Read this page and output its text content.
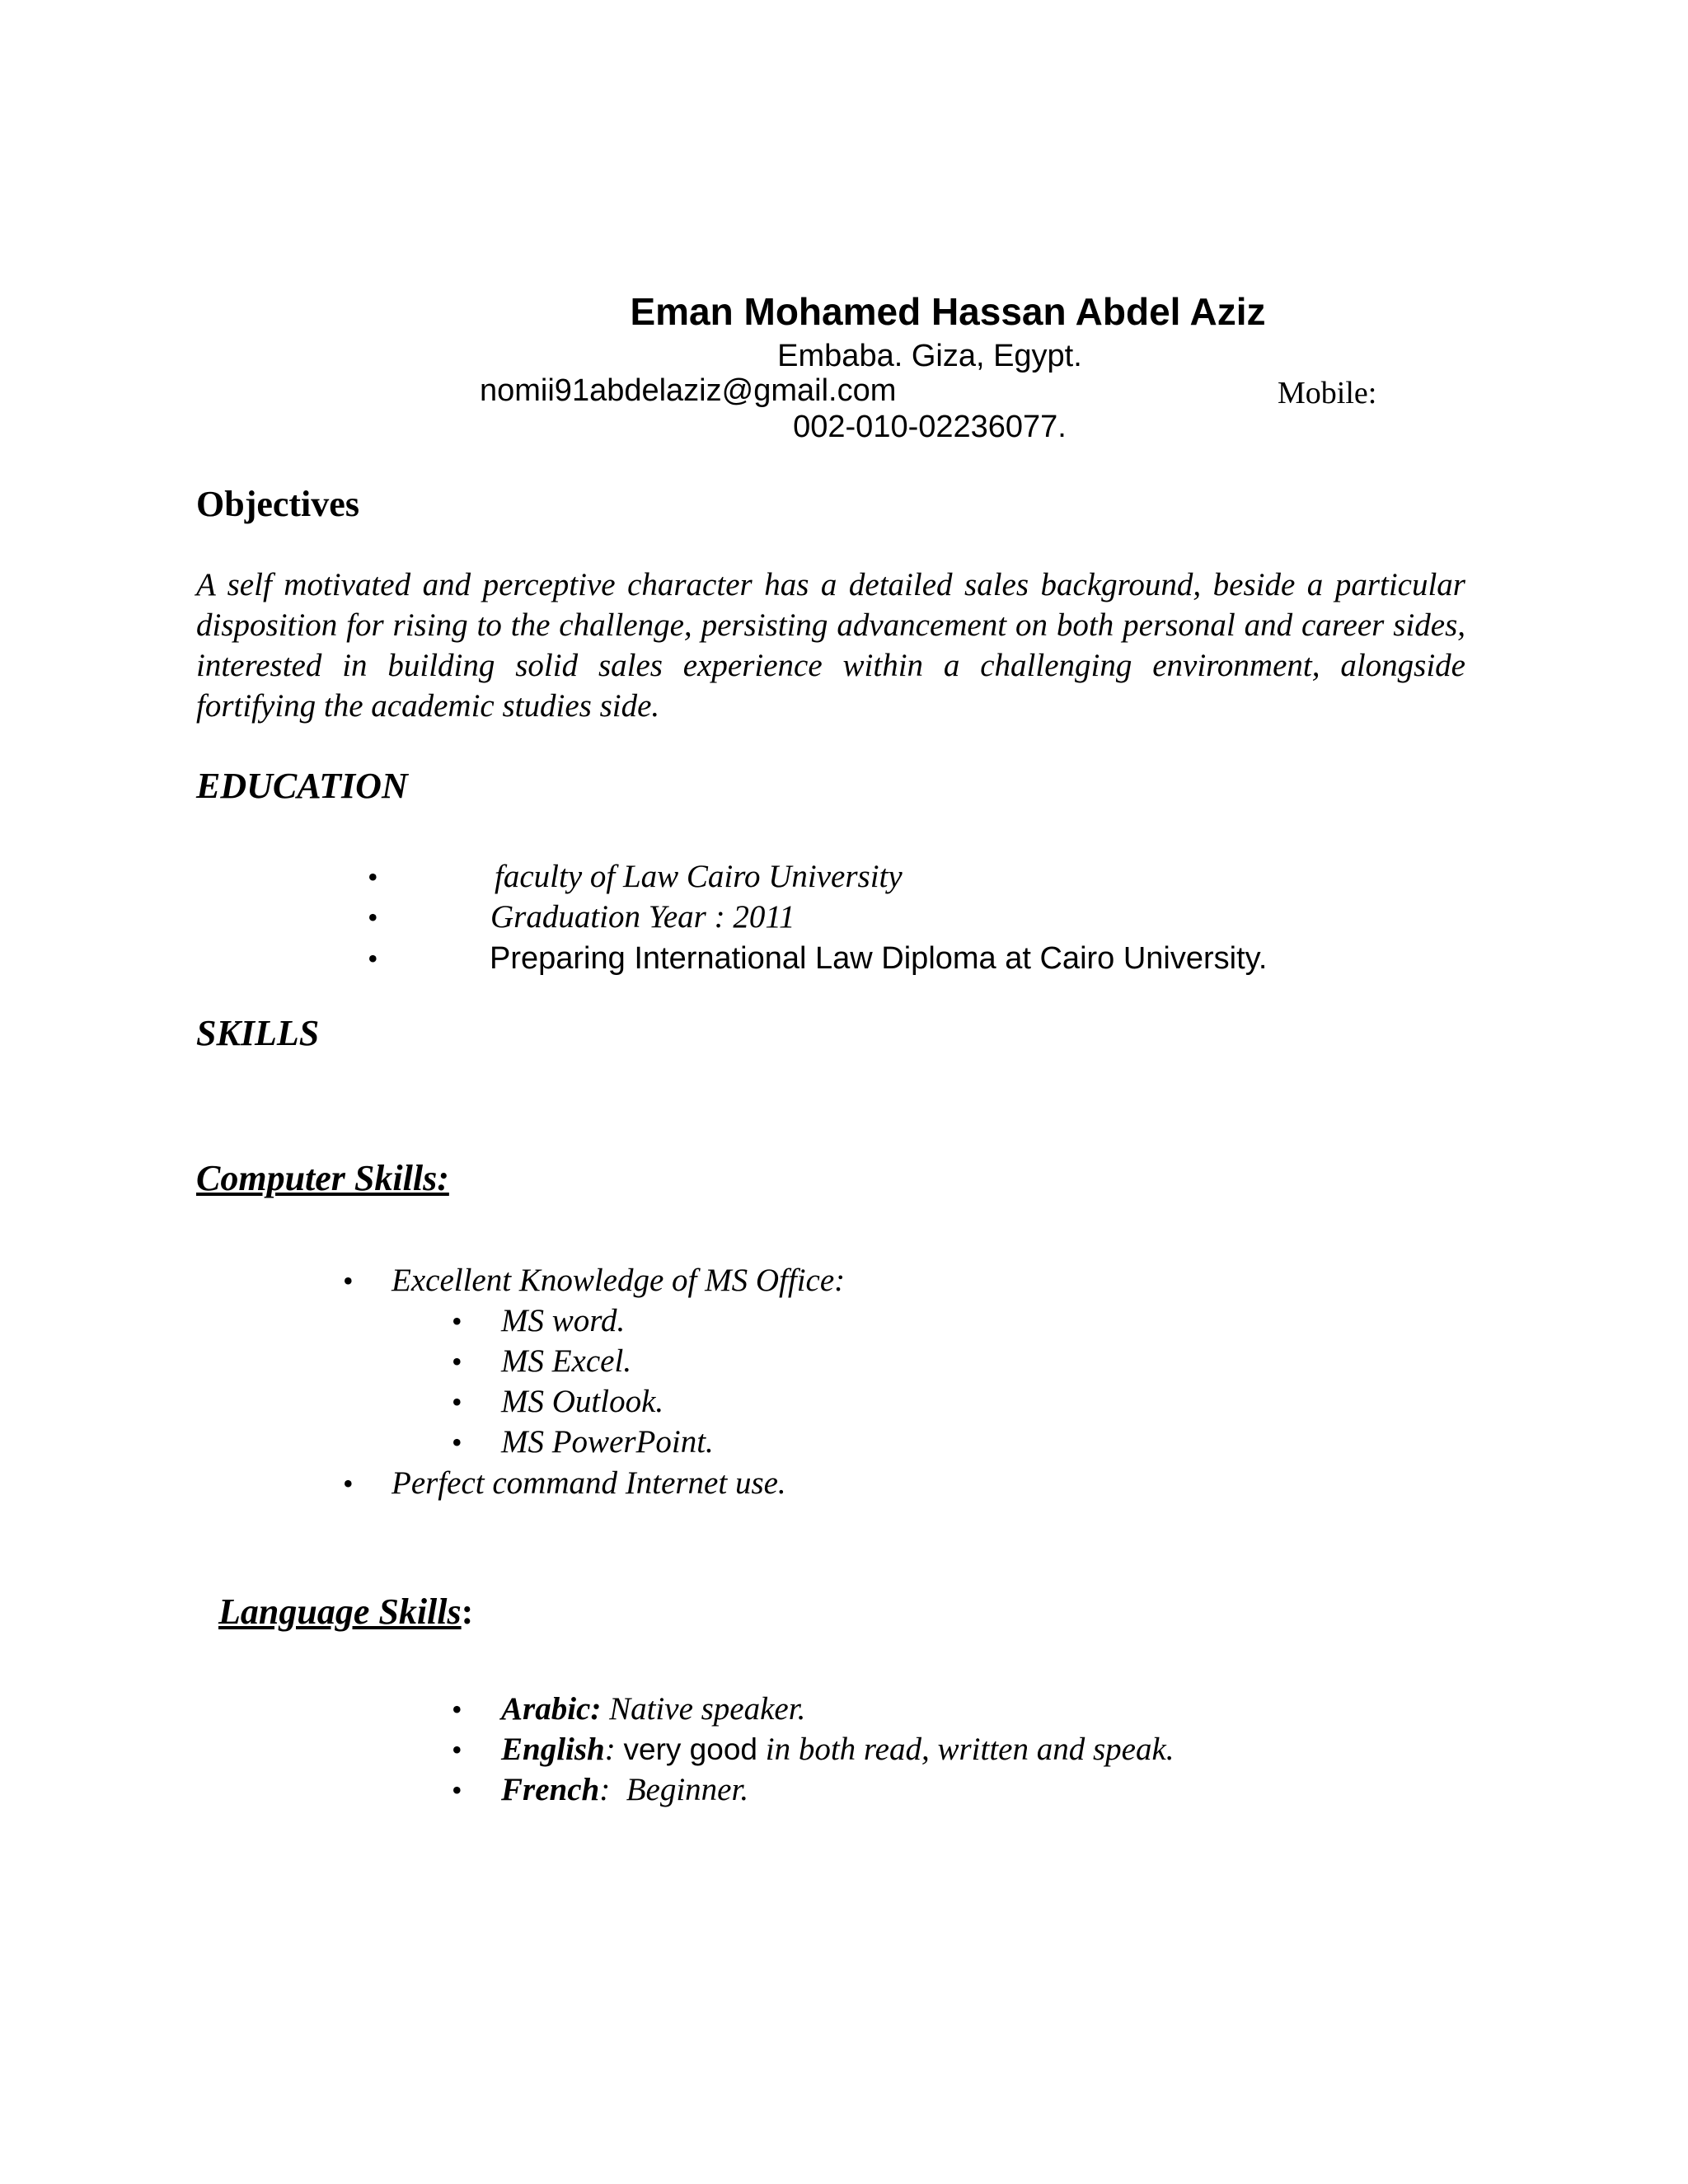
Eman Mohamed Hassan Abdel Aziz
Embaba. Giza, Egypt.
nomii91abdelaziz@gmail.com	Mobile:
002-010-02236077.
Objectives
A self motivated and perceptive character has a detailed sales background, beside a particular disposition for rising to the challenge, persisting advancement on both personal and career sides, interested in building solid sales experience within a challenging environment, alongside fortifying the academic studies side.
EDUCATION
•	faculty of Law Cairo University
•	Graduation Year : 2011
•	Preparing International Law Diploma at Cairo University.
SKILLS
Computer Skills:
• Excellent Knowledge of MS Office:
• MS word.
• MS Excel.
• MS Outlook.
• MS PowerPoint.
• Perfect command Internet use.
Language Skills:
• Arabic: Native speaker.
• English: very good in both read, written and speak.
• French: Beginner.
